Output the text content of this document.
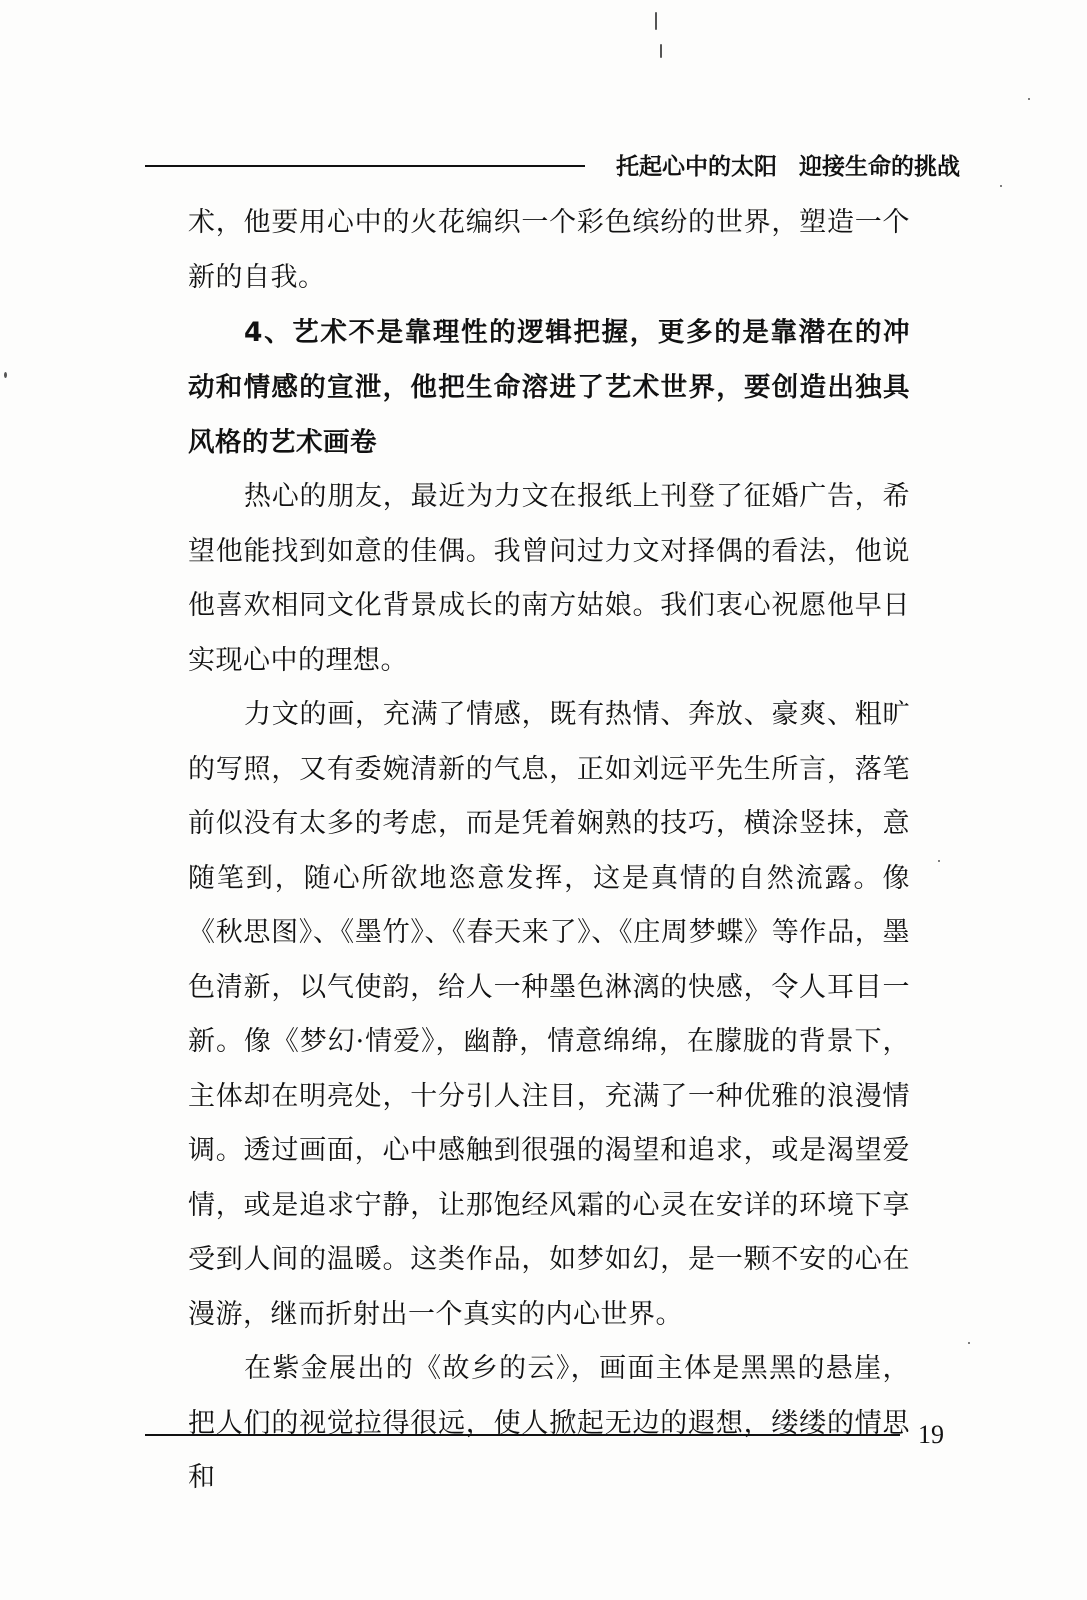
托起心中的太阳 迎接生命的挑战

术，他要用心中的火花编织一个彩色缤纷的世界，塑造一个新的自我。

4、艺术不是靠理性的逻辑把握，更多的是靠潜在的冲动和情感的宣泄，他把生命溶进了艺术世界，要创造出独具风格的艺术画卷

热心的朋友，最近为力文在报纸上刊登了征婚广告，希望他能找到如意的佳偶。我曾问过力文对择偶的看法，他说他喜欢相同文化背景成长的南方姑娘。我们衷心祝愿他早日实现心中的理想。

力文的画，充满了情感，既有热情、奔放、豪爽、粗旷的写照，又有委婉清新的气息，正如刘远平先生所言，落笔前似没有太多的考虑，而是凭着娴熟的技巧，横涂竖抹，意随笔到，随心所欲地恣意发挥，这是真情的自然流露。像《秋思图》、《墨竹》、《春天来了》、《庄周梦蝶》等作品，墨色清新，以气使韵，给人一种墨色淋漓的快感，令人耳目一新。像《梦幻·情爱》，幽静，情意绵绵，在朦胧的背景下，主体却在明亮处，十分引人注目，充满了一种优雅的浪漫情调。透过画面，心中感触到很强的渴望和追求，或是渴望爱情，或是追求宁静，让那饱经风霜的心灵在安详的环境下享受到人间的温暖。这类作品，如梦如幻，是一颗不安的心在漫游，继而折射出一个真实的内心世界。

在紫金展出的《故乡的云》，画面主体是黑黑的悬崖，把人们的视觉拉得很远，使人掀起无边的遐想，缕缕的情思和

19
